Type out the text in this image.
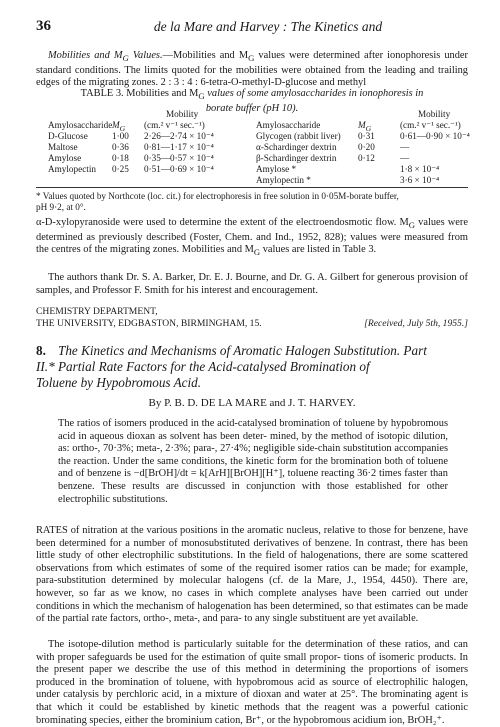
36	de la Mare and Harvey : The Kinetics and
Mobilities and $M_G$ Values.—Mobilities and $M_G$ values were determined after ionophoresis under standard conditions. The limits quoted for the mobilities were obtained from the leading and trailing edges of the migrating zones. 2 : 3 : 4 : 6-tetra-O-methyl-D-glucose and methyl
TABLE 3. Mobilities and $M_G$ values of some amylosaccharides in ionophoresis in
borate buffer (pH 10).
Mobility	Mobility
Amylosaccharide $M_G$ (cm.² v⁻¹ sec.⁻¹)	Amylosaccharide	$M_G$	(cm.² v⁻¹ sec.⁻¹)
D-Glucose	1·00 2·26—2·74 × 10⁻⁴	Glycogen (rabbit liver) 0·31	0·61—0·90 × 10⁻⁴
Maltose	0·36 0·81—1·17 × 10⁻⁴	α-Schardinger dextrin 0·20	—
Amylose	0·18 0·35—0·57 × 10⁻⁴	β-Schardinger dextrin 0·12	—
Amylopectin 0·25 0·51—0·69 × 10⁻⁴	Amylose *	1·8 × 10⁻⁴
Amylopectin *	3·6 × 10⁻⁴
* Values quoted by Northcote (loc. cit.) for electrophoresis in free solution in 0·05M-borate buffer,
pH 9·2, at 0°.
α-D-xylopyranoside were used to determine the extent of the electroendosmotic flow. $M_G$ values were determined as previously described (Foster, Chem. and Ind., 1952, 828); values were measured from the centres of the migrating zones. Mobilities and $M_G$ values are listed in Table 3.
The authors thank Dr. S. A. Barker, Dr. E. J. Bourne, and Dr. G. A. Gilbert for generous provision of samples, and Professor F. Smith for his interest and encouragement.
CHEMISTRY DEPARTMENT,
THE UNIVERSITY, EDGBASTON, BIRMINGHAM, 15.	[Received, July 5th, 1955.]
8. The Kinetics and Mechanisms of Aromatic Halogen Substitution. Part
II.* Partial Rate Factors for the Acid-catalysed Bromination of
Toluene by Hypobromous Acid.
By P. B. D. DE LA MARE and J. T. HARVEY.
The ratios of isomers produced in the acid-catalysed bromination of toluene by hypobromous acid in aqueous dioxan as solvent has been deter- mined, by the method of isotopic dilution, as: ortho-, 70·3%; meta-, 2·3%; para-, 27·4%; negligible side-chain substitution accompanies the reaction. Under the same conditions, the kinetic form for the bromination both of toluene and of benzene is −d[BrOH]/dt = k[ArH][BrOH][H⁺], toluene reacting 36·2 times faster than benzene. These results are discussed in conjunction with those established for other electrophilic substitutions.
RATES of nitration at the various positions in the aromatic nucleus, relative to those for benzene, have been determined for a number of monosubstituted derivatives of benzene. In contrast, there has been little study of other electrophilic substitutions. In the field of halogenations, there are some scattered observations from which estimates of some of the required isomer ratios can be made; for example, para-substitution determined by molecular halogens (cf. de la Mare, J., 1954, 4450). There are, however, so far as we know, no cases in which complete analyses have been carried out under conditions in which the mechanism of halogenation has been determined, so that estimates can be made of the partial rate factors, ortho-, meta-, and para- to any single substituent are yet available.
The isotope-dilution method is particularly suitable for the determination of these ratios, and can with proper safeguards be used for the estimation of quite small propor- tions of isomeric products. In the present paper we describe the use of this method in determining the proportions of isomers produced in the bromination of toluene, with hypobromous acid as source of electrophilic halogen, under catalysis by perchloric acid, in a mixture of dioxan and water at 25°. The brominating agent is that which it could be established by kinetic methods that the reagent was a powerful cationic brominating species, either the brominium cation, Br⁺, or the hypobromous acidium ion, BrOH₂⁺.
